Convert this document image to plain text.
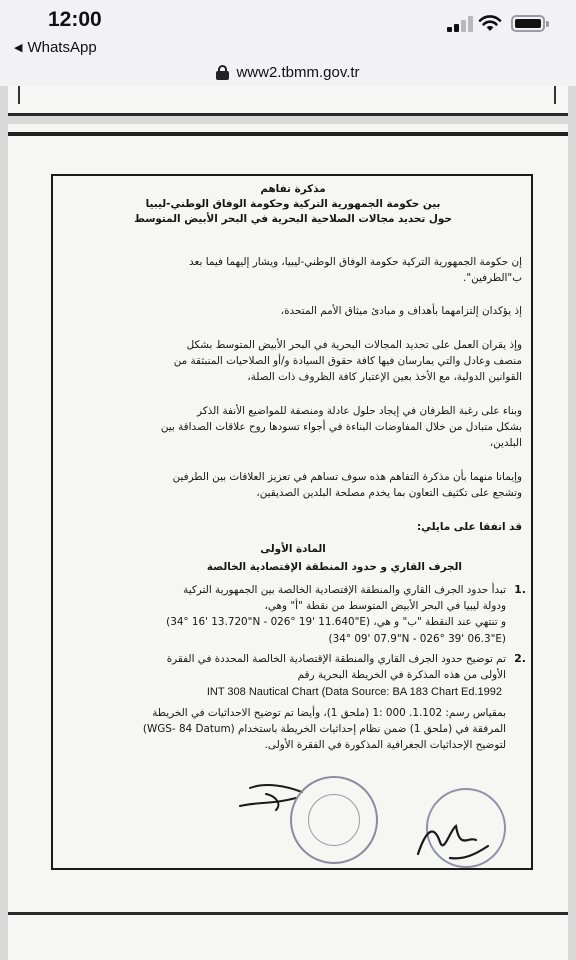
12:00
◀ WhatsApp
www2.tbmm.gov.tr
مذكرة تفاهم
بين حكومة الجمهورية التركية وحكومة الوفاق الوطني-ليبيا
حول تحديد مجالات الصلاحية البحرية في البحر الأبيض المتوسط
إن حكومة الجمهورية التركية حكومة الوفاق الوطني-ليبيا، ويشار إليهما فيما بعد
ب"الطرفين".
إذ يؤكدان إلتزامهما بأهداف و مبادئ ميثاق الأمم المتحدة،
وإذ يقران العمل على تحديد المجالات البحرية في البحر الأبيض المتوسط بشكل
منصف وعادل والتي يمارسان فيها كافة حقوق السيادة و/أو الصلاحيات المنبثقة من
القوانين الدولية، مع الأخذ بعين الإعتبار كافة الظروف ذات الصلة،
وبناء على رغبة الطرفان في إيجاد حلول عادلة ومنصفة للمواضيع الأنفة الذكر
بشكل متبادل من خلال المفاوضات البناءة في أجواء تسودها روح علاقات الصداقة بين
البلدين،
وإيمانا منهما بأن مذكرة التفاهم هذه سوف تساهم في تعزيز العلاقات بين الطرفين
وتشجع على تكثيف التعاون بما يخدم مصلحة البلدين الصديقين،
قد اتفقا على مايلي:
المادة الأولى
الجرف القاري و حدود المنطقة الإقتصادية الخالصة
1.
تبدأ حدود الجرف القاري والمنطقة الإقتصادية الخالصة بين الجمهورية التركية
ودولة ليبيا في البحر الأبيض المتوسط من نقطة "أ" وهي،
و تنتهي عند النقطة "ب" و هي، (34° 16' 13.720"N - 026° 19' 11.640"E)
(34° 09' 07.9"N - 026° 39' 06.3"E)
2.
تم توضيح حدود الجرف القاري والمنطقة الإقتصادية الخالصة المحددة في الفقرة
الأولى من هذه المذكرة في الخريطة البحرية رقم
INT 308 Nautical Chart (Data Source: BA 183 Chart Ed.1992
بمقياس رسم: 1.102. 000 :1 (ملحق 1)، وأيضا تم توضيح الاحداثيات في الخريطة
المرفقة في (ملحق 1) ضمن نظام إحداثيات الخريطة باستخدام (WGS- 84 Datum)
لتوضيح الإحداثيات الجغرافية المذكورة في الفقرة الأولى.
